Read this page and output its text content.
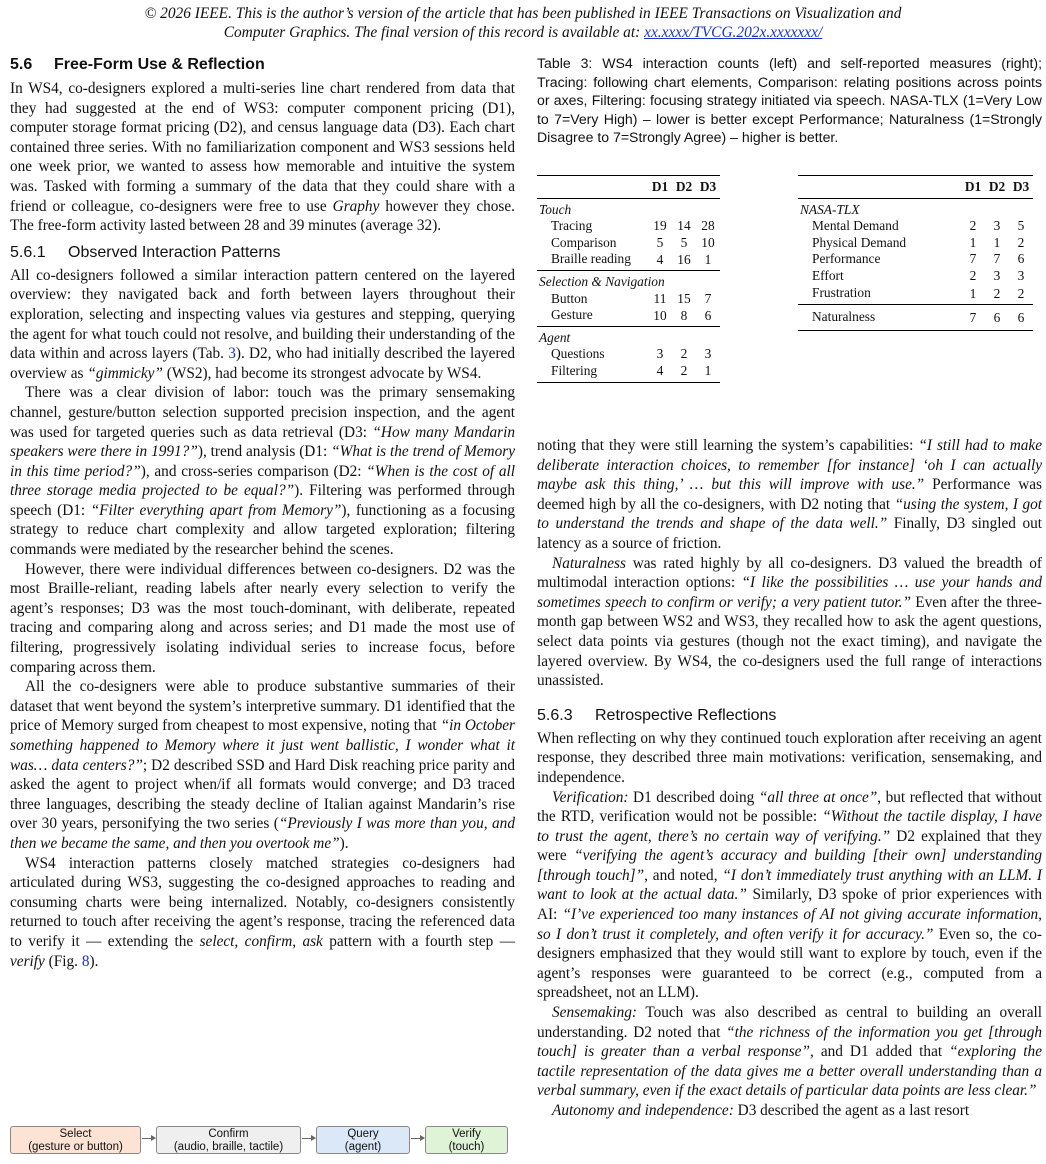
© 2026 IEEE. This is the author’s version of the article that has been published in IEEE Transactions on Visualization and
Computer Graphics. The final version of this record is available at: xx.xxxx/TVCG.202x.xxxxxxx/
5.6 Free-Form Use & Reflection

In WS4, co-designers explored a multi-series line chart rendered from data that they had suggested at the end of WS3: computer component pricing (D1), computer storage format pricing (D2), and census language data (D3). Each chart contained three series. With no familiarization component and WS3 sessions held one week prior, we wanted to assess how memorable and intuitive the system was. Tasked with forming a summary of the data that they could share with a friend or colleague, co-designers were free to use Graphy however they chose. The free-form activity lasted between 28 and 39 minutes (average 32).

5.6.1 Observed Interaction Patterns

All co-designers followed a similar interaction pattern centered on the layered overview: they navigated back and forth between layers throughout their exploration, selecting and inspecting values via gestures and stepping, querying the agent for what touch could not resolve, and building their understanding of the data within and across layers (Tab. 3). D2, who had initially described the layered overview as “gimmicky” (WS2), had become its strongest advocate by WS4.

There was a clear division of labor: touch was the primary sensemaking channel, gesture/button selection supported precision inspection, and the agent was used for targeted queries such as data retrieval (D3: “How many Mandarin speakers were there in 1991?”), trend analysis (D1: “What is the trend of Memory in this time period?”), and cross-series comparison (D2: “When is the cost of all three storage media projected to be equal?”). Filtering was performed through speech (D1: “Filter everything apart from Memory”), functioning as a focusing strategy to reduce chart complexity and allow targeted exploration; filtering commands were mediated by the researcher behind the scenes.

However, there were individual differences between co-designers. D2 was the most Braille-reliant, reading labels after nearly every selection to verify the agent’s responses; D3 was the most touch-dominant, with deliberate, repeated tracing and comparing along and across series; and D1 made the most use of filtering, progressively isolating individual series to increase focus, before comparing across them.

All the co-designers were able to produce substantive summaries of their dataset that went beyond the system’s interpretive summary. D1 identified that the price of Memory surged from cheapest to most expensive, noting that “in October something happened to Memory where it just went ballistic, I wonder what it was… data centers?”; D2 described SSD and Hard Disk reaching price parity and asked the agent to project when/if all formats would converge; and D3 traced three languages, describing the steady decline of Italian against Mandarin’s rise over 30 years, personifying the two series (“Previously I was more than you, and then we became the same, and then you overtook me”).

WS4 interaction patterns closely matched strategies co-designers had articulated during WS3, suggesting the co-designed approaches to reading and consuming charts were being internalized. Notably, co-designers consistently returned to touch after receiving the agent’s response, tracing the referenced data to verify it — extending the select, confirm, ask pattern with a fourth step — verify (Fig. 8).

Select
(gesture or button)
Confirm
(audio, braille, tactile)
Query
(agent)
Verify
(touch)
Table 3: WS4 interaction counts (left) and self-reported measures (right); Tracing: following chart elements, Comparison: relating positions across points or axes, Filtering: focusing strategy initiated via speech. NASA-TLX (1=Very Low to 7=Very High) – lower is better except Performance; Naturalness (1=Strongly Disagree to 7=Strongly Agree) – higher is better.
	D1	D2	D3
Touch			
Tracing	19	14	28
Comparison	5	5	10
Braille reading	4	16	1
Selection & Navigation			
Button	11	15	7
Gesture	10	8	6
Agent			
Questions	3	2	3
Filtering	4	2	1
	D1	D2	D3
NASA-TLX			
Mental Demand	2	3	5
Physical Demand	1	1	2
Performance	7	7	6
Effort	2	3	3
Frustration	1	2	2
Naturalness	7	6	6

noting that they were still learning the system’s capabilities: “I still had to make deliberate interaction choices, to remember [for instance] ‘oh I can actually maybe ask this thing,’ … but this will improve with use.” Performance was deemed high by all the co-designers, with D2 noting that “using the system, I got to understand the trends and shape of the data well.” Finally, D3 singled out latency as a source of friction.

Naturalness was rated highly by all co-designers. D3 valued the breadth of multimodal interaction options: “I like the possibilities … use your hands and sometimes speech to confirm or verify; a very patient tutor.” Even after the three-month gap between WS2 and WS3, they recalled how to ask the agent questions, select data points via gestures (though not the exact timing), and navigate the layered overview. By WS4, the co-designers used the full range of interactions unassisted.

5.6.3 Retrospective Reflections

When reflecting on why they continued touch exploration after receiving an agent response, they described three main motivations: verification, sensemaking, and independence.

Verification: D1 described doing “all three at once”, but reflected that without the RTD, verification would not be possible: “Without the tactile display, I have to trust the agent, there’s no certain way of verifying.” D2 explained that they were “verifying the agent’s accuracy and building [their own] understanding [through touch]”, and noted, “I don’t immediately trust anything with an LLM. I want to look at the actual data.” Similarly, D3 spoke of prior experiences with AI: “I’ve experienced too many instances of AI not giving accurate information, so I don’t trust it completely, and often verify it for accuracy.” Even so, the co-designers emphasized that they would still want to explore by touch, even if the agent’s responses were guaranteed to be correct (e.g., computed from a spreadsheet, not an LLM).

Sensemaking: Touch was also described as central to building an overall understanding. D2 noted that “the richness of the information you get [through touch] is greater than a verbal response”, and D1 added that “exploring the tactile representation of the data gives me a better overall understanding than a verbal summary, even if the exact details of particular data points are less clear.”

Autonomy and independence: D3 described the agent as a last resort
